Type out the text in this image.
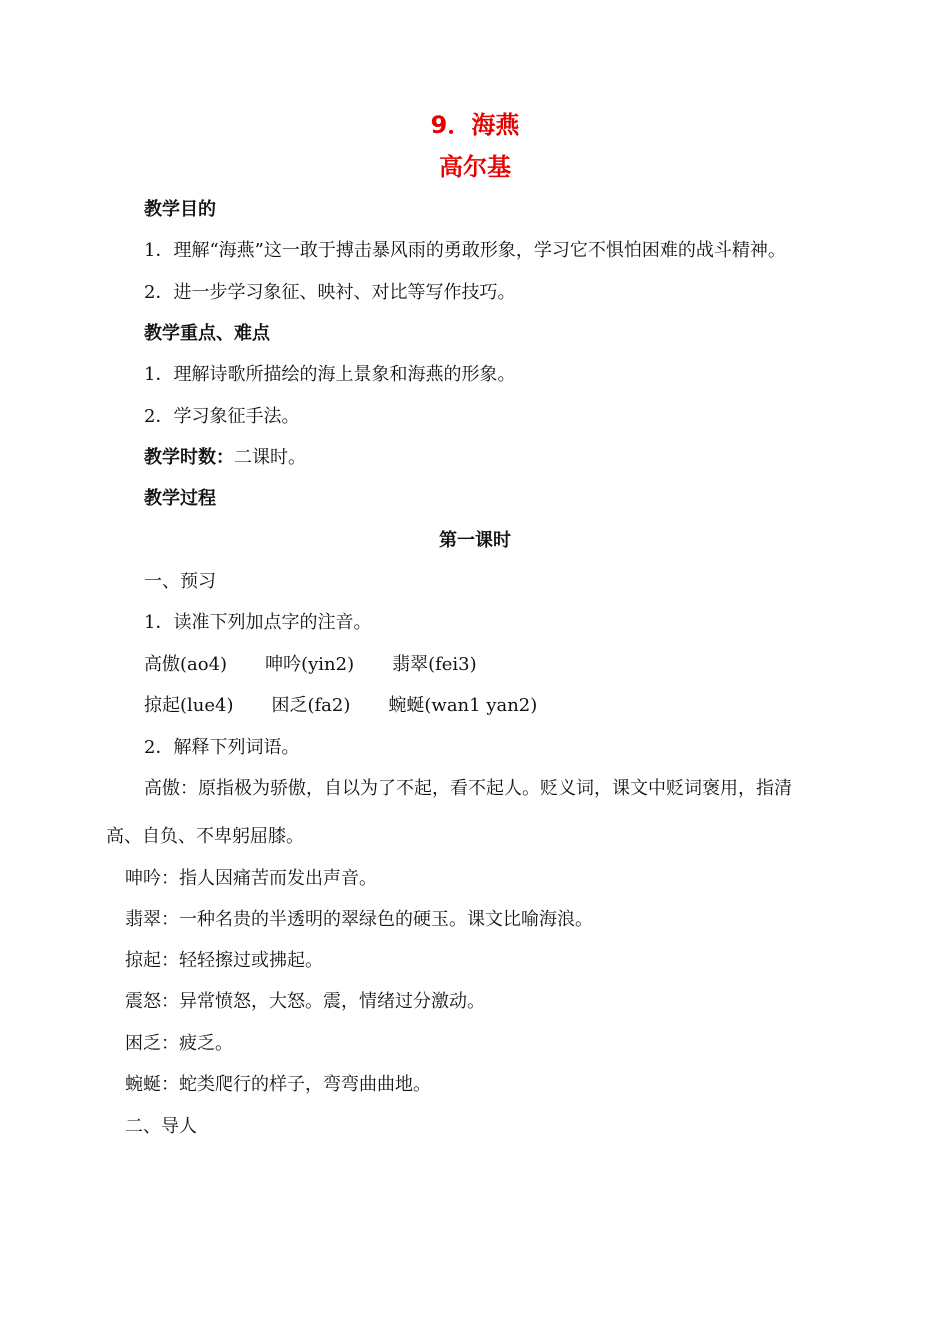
9．海燕
高尔基
教学目的
1．理解“海燕”这一敢于搏击暴风雨的勇敢形象，学习它不惧怕困难的战斗精神。
2．进一步学习象征、映衬、对比等写作技巧。
教学重点、难点
1．理解诗歌所描绘的海上景象和海燕的形象。
2．学习象征手法。
教学时数：二课时。
教学过程
第一课时
一、预习
1．读准下列加点字的注音。
高傲(ao4) 呻吟(yin2) 翡翠(fei3)
掠起(lue4) 困乏(fa2) 蜿蜒(wan1 yan2)
2．解释下列词语。
高傲：原指极为骄傲，自以为了不起，看不起人。贬义词，课文中贬词褒用，指清
高、自负、不卑躬屈膝。
呻吟：指人因痛苦而发出声音。
翡翠：一种名贵的半透明的翠绿色的硬玉。课文比喻海浪。
掠起：轻轻擦过或拂起。
震怒：异常愤怒，大怒。震，情绪过分激动。
困乏：疲乏。
蜿蜒：蛇类爬行的样子，弯弯曲曲地。
二、导人
